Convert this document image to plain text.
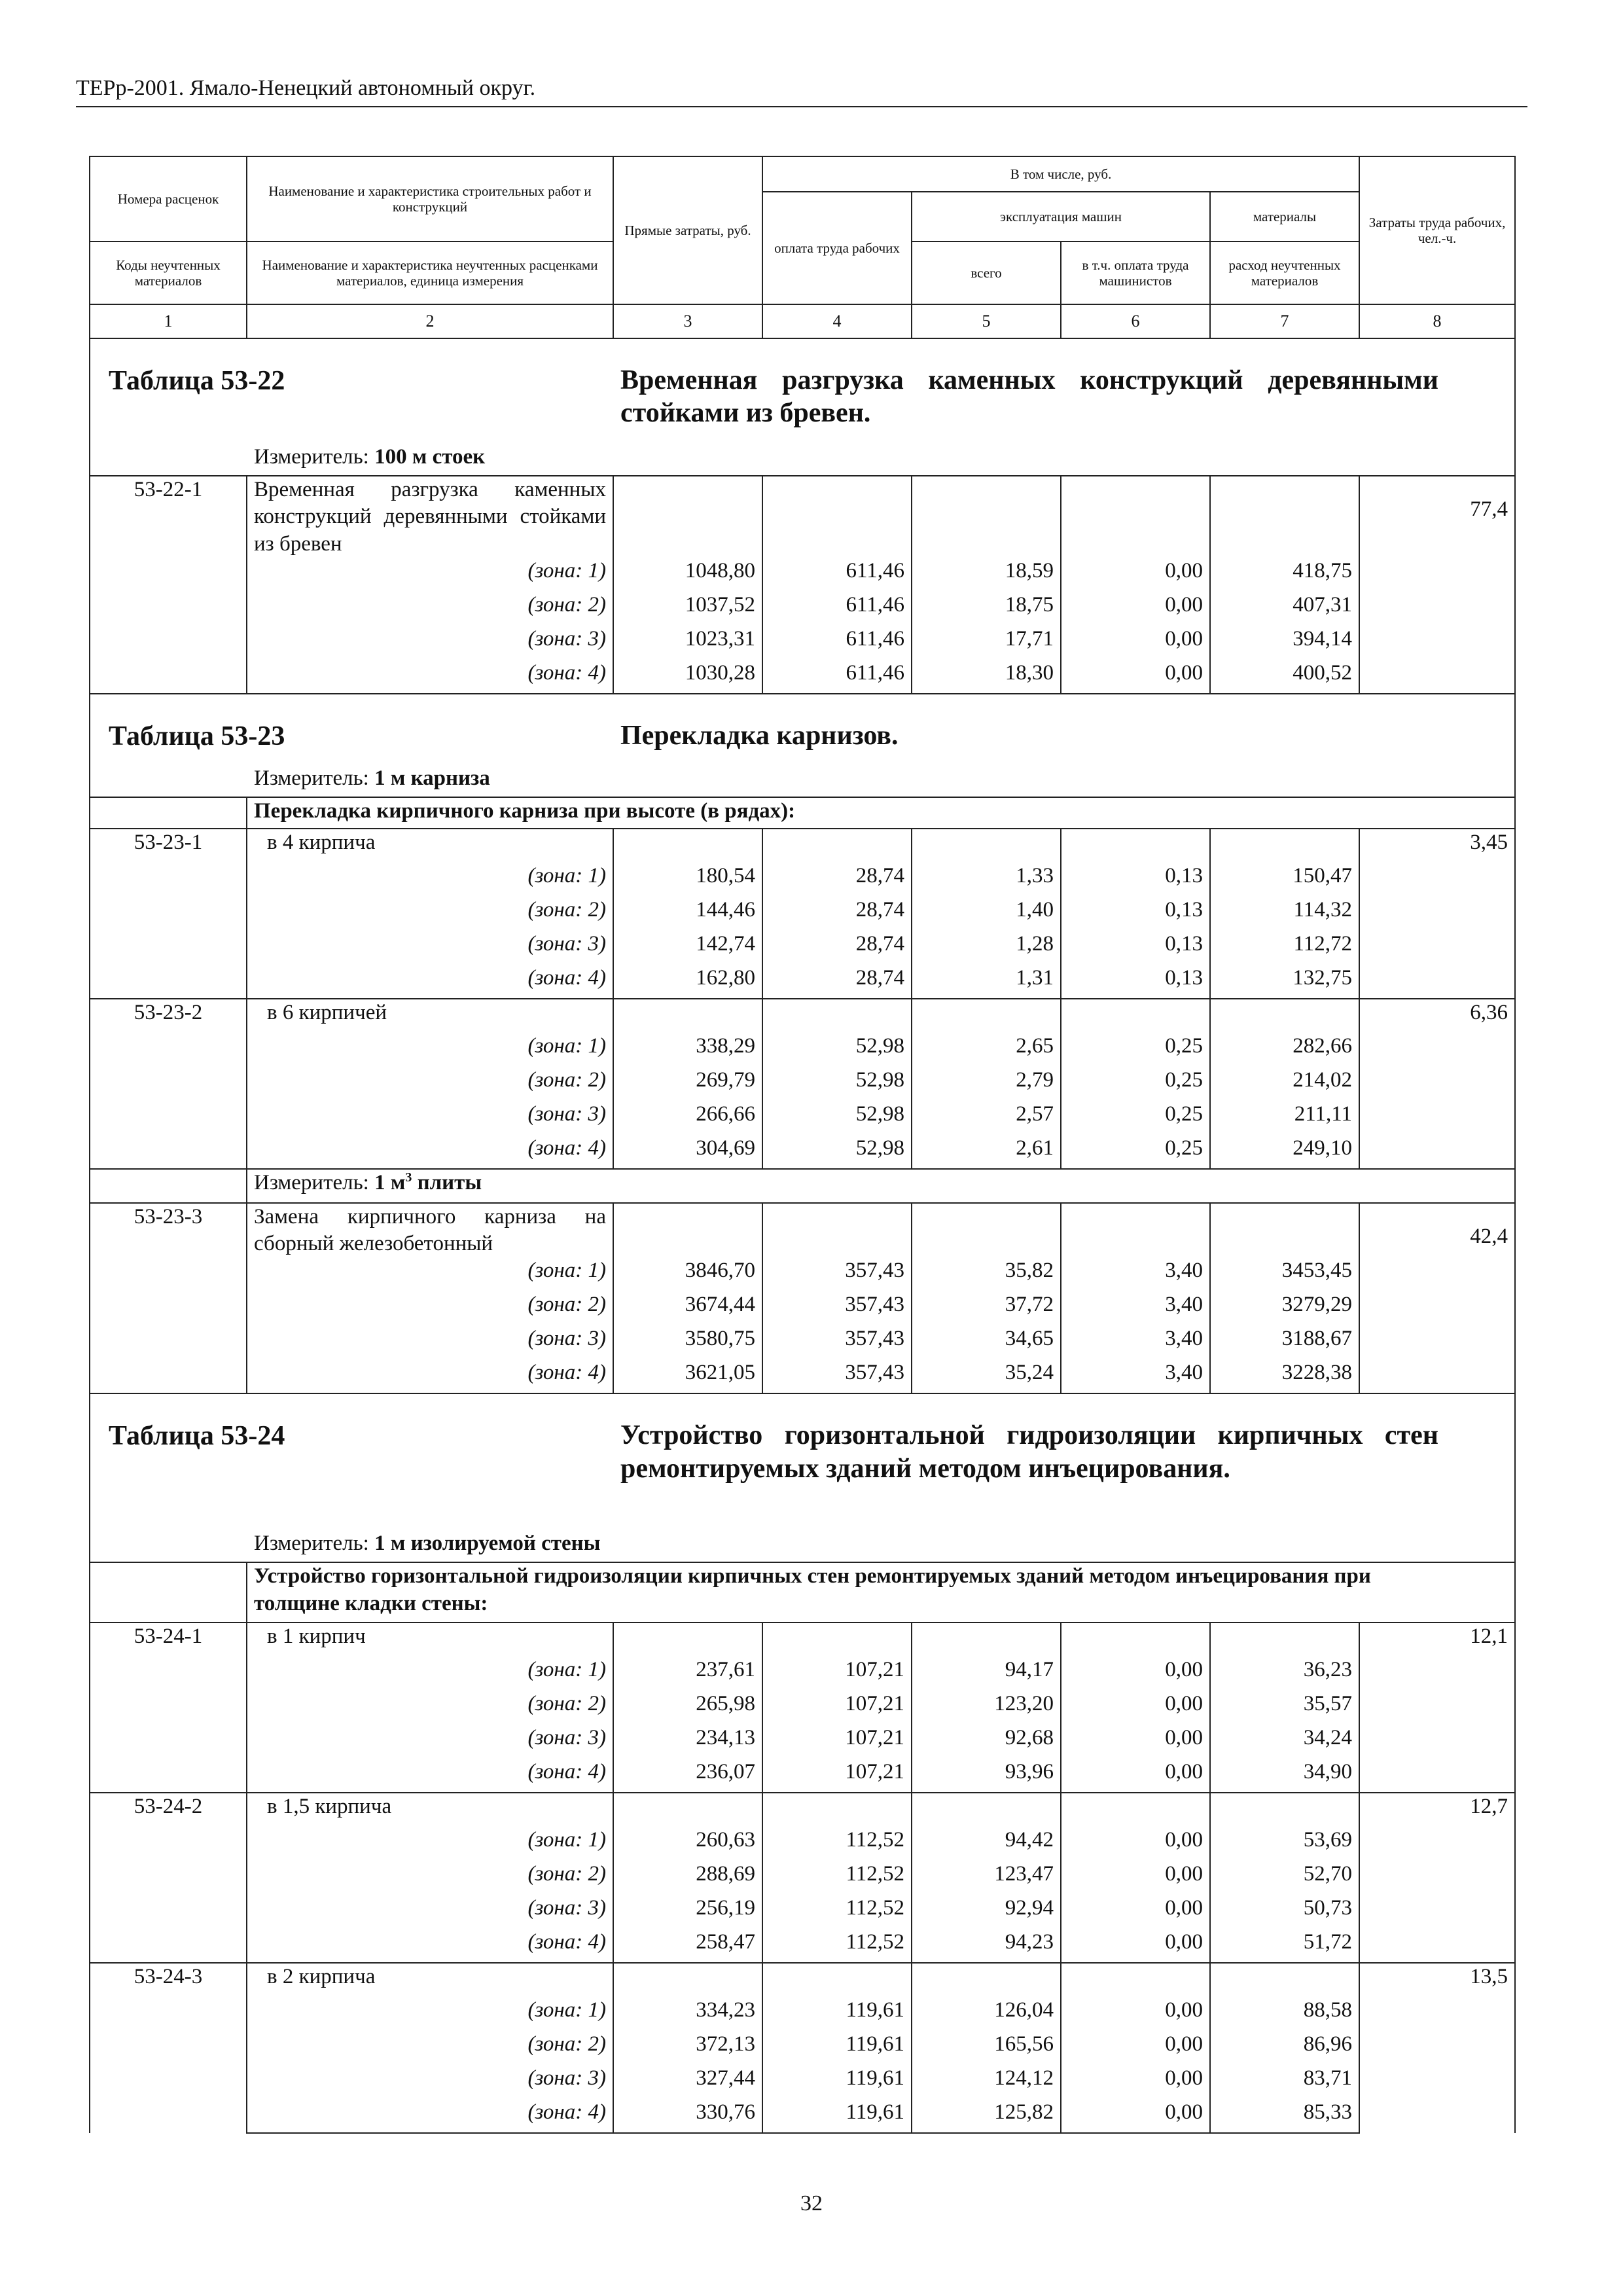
ТЕРр-2001. Ямало-Ненецкий автономный округ.
Номера расценок	Наименование и характеристика строительных работ и конструкций	Прямые затраты, руб.	В том числе, руб.				Затраты труда рабочих, чел.-ч.
			оплата труда рабочих	эксплуатация машин		материалы	
Коды неучтенных материалов	Наименование и характеристика неучтенных расценками материалов, единица измерения			всего	в т.ч. оплата труда машинистов	расход неучтенных материалов	

1	2	3	4	5	6	7	8

Таблица 53-22 Временная разгрузка каменных конструкций деревянными стойками из бревен.
Измеритель: 100 м стоек							

53-22-1	Временная разгрузка каменных конструкций деревянными стойками из бревен						77,4
	(зона: 1)	1048,80	611,46	18,59	0,00	418,75	
	(зона: 2)	1037,52	611,46	18,75	0,00	407,31	
	(зона: 3)	1023,31	611,46	17,71	0,00	394,14	
	(зона: 4)	1030,28	611,46	18,30	0,00	400,52	

Таблица 53-23 Перекладка карнизов.
Измеритель: 1 м карниза							

	Перекладка кирпичного карниза при высоте (в рядах):						
53-23-1	в 4 кирпича						3,45
	(зона: 1)	180,54	28,74	1,33	0,13	150,47	
	(зона: 2)	144,46	28,74	1,40	0,13	114,32	
	(зона: 3)	142,74	28,74	1,28	0,13	112,72	
	(зона: 4)	162,80	28,74	1,31	0,13	132,75	
53-23-2	в 6 кирпичей						6,36
	(зона: 1)	338,29	52,98	2,65	0,25	282,66	
	(зона: 2)	269,79	52,98	2,79	0,25	214,02	
	(зона: 3)	266,66	52,98	2,57	0,25	211,11	
	(зона: 4)	304,69	52,98	2,61	0,25	249,10	
	Измеритель: 1 $м^3$ плиты						
53-23-3	Замена кирпичного карниза на сборный железобетонный						42,4
	(зона: 1)	3846,70	357,43	35,82	3,40	3453,45	
	(зона: 2)	3674,44	357,43	37,72	3,40	3279,29	
	(зона: 3)	3580,75	357,43	34,65	3,40	3188,67	
	(зона: 4)	3621,05	357,43	35,24	3,40	3228,38	

Таблица 53-24 Устройство горизонтальной гидроизоляции кирпичных стен ремонтируемых зданий методом инъецирования.
Измеритель: 1 м изолируемой стены							

	Устройство горизонтальной гидроизоляции кирпичных стен ремонтируемых зданий методом инъецирования при толщине кладки стены:						
53-24-1	в 1 кирпич						12,1
	(зона: 1)	237,61	107,21	94,17	0,00	36,23	
	(зона: 2)	265,98	107,21	123,20	0,00	35,57	
	(зона: 3)	234,13	107,21	92,68	0,00	34,24	
	(зона: 4)	236,07	107,21	93,96	0,00	34,90	
53-24-2	в 1,5 кирпича						12,7
	(зона: 1)	260,63	112,52	94,42	0,00	53,69	
	(зона: 2)	288,69	112,52	123,47	0,00	52,70	
	(зона: 3)	256,19	112,52	92,94	0,00	50,73	
	(зона: 4)	258,47	112,52	94,23	0,00	51,72	
53-24-3	в 2 кирпича						13,5
	(зона: 1)	334,23	119,61	126,04	0,00	88,58	
	(зона: 2)	372,13	119,61	165,56	0,00	86,96	
	(зона: 3)	327,44	119,61	124,12	0,00	83,71	
	(зона: 4)	330,76	119,61	125,82	0,00	85,33	
32
